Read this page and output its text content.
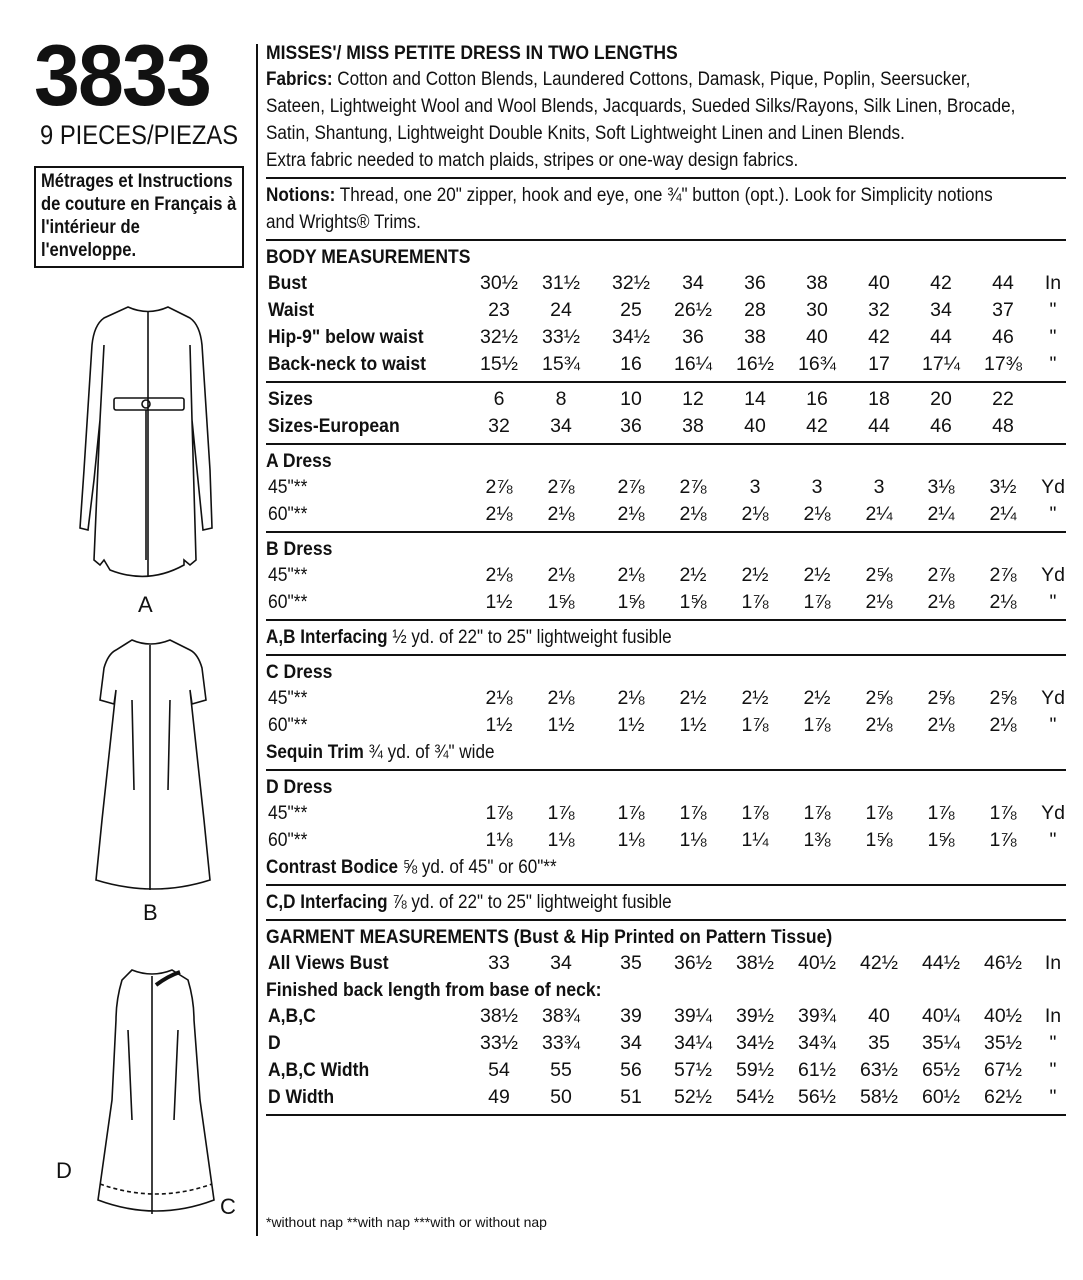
3833
9 PIECES/PIEZAS
Métrages et Instructions
de couture en Français à
l'intérieur de
l'enveloppe.
A
B
C
D
MISSES'/ MISS PETITE DRESS IN TWO LENGTHS
Fabrics: Cotton and Cotton Blends, Laundered Cottons, Damask, Pique, Poplin, Seersucker,
Sateen, Lightweight Wool and Wool Blends, Jacquards, Sueded Silks/Rayons, Silk Linen, Brocade,
Satin, Shantung, Lightweight Double Knits, Soft Lightweight Linen and Linen Blends.
Extra fabric needed to match plaids, stripes or one-way design fabrics.
Notions: Thread, one 20" zipper, hook and eye, one ¾" button (opt.). Look for Simplicity notions
and Wrights® Trims.
BODY MEASUREMENTS
Bust	30½	31½	32½	34	36	38	40	42	44	In
Waist	23	24	25	26½	28	30	32	34	37	"
Hip-9" below waist	32½	33½	34½	36	38	40	42	44	46	"
Back-neck to waist	15½	15¾	16	16¼	16½	16¾	17	17¼	17⅜	"
Sizes	6	8	10	12	14	16	18	20	22
Sizes-European	32	34	36	38	40	42	44	46	48
A Dress
45"**	2⅞	2⅞	2⅞	2⅞	3	3	3	3⅛	3½	Yd
60"**	2⅛	2⅛	2⅛	2⅛	2⅛	2⅛	2¼	2¼	2¼	"
B Dress
45"**	2⅛	2⅛	2⅛	2½	2½	2½	2⅝	2⅞	2⅞	Yd
60"**	1½	1⅝	1⅝	1⅝	1⅞	1⅞	2⅛	2⅛	2⅛	"
A,B Interfacing ½ yd. of 22" to 25" lightweight fusible
C Dress
45"**	2⅛	2⅛	2⅛	2½	2½	2½	2⅝	2⅝	2⅝	Yd
60"**	1½	1½	1½	1½	1⅞	1⅞	2⅛	2⅛	2⅛	"
Sequin Trim ¾ yd. of ¾" wide
D Dress
45"**	1⅞	1⅞	1⅞	1⅞	1⅞	1⅞	1⅞	1⅞	1⅞	Yd
60"**	1⅛	1⅛	1⅛	1⅛	1¼	1⅜	1⅝	1⅝	1⅞	"
Contrast Bodice ⅝ yd. of 45" or 60"**
C,D Interfacing ⅞ yd. of 22" to 25" lightweight fusible
GARMENT MEASUREMENTS (Bust & Hip Printed on Pattern Tissue)
All Views Bust	33	34	35	36½	38½	40½	42½	44½	46½	In
Finished back length from base of neck:
A,B,C	38½	38¾	39	39¼	39½	39¾	40	40¼	40½	In
D	33½	33¾	34	34¼	34½	34¾	35	35¼	35½	"
A,B,C Width	54	55	56	57½	59½	61½	63½	65½	67½	"
D Width	49	50	51	52½	54½	56½	58½	60½	62½	"
*without nap **with nap ***with or without nap
